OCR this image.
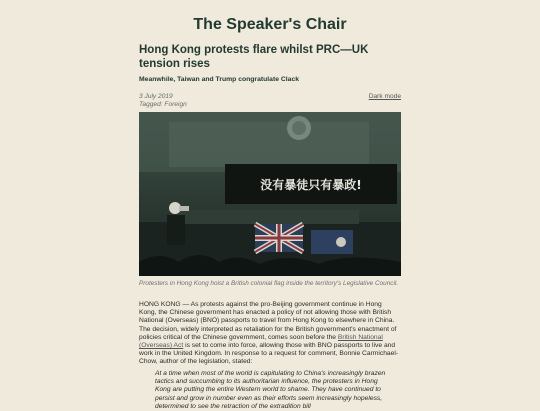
The Speaker's Chair
Hong Kong protests flare whilst PRC—UK tension rises
Meanwhile, Taiwan and Trump congratulate Clack
3 July 2019
Tagged: Foreign
Dark mode
没有暴徒只有暴政!
Protesters in Hong Kong hoist a British colonial flag inside the territory's Legislative Council.
HONG KONG — As protests against the pro-Beijing government continue in Hong Kong, the Chinese government has enacted a policy of not allowing those with British National (Overseas) (BNO) passports to travel from Hong Kong to elsewhere in China. The decision, widely interpreted as retaliation for the British government's enactment of policies critical of the Chinese government, comes soon before the British National (Overseas) Act is set to come into force, allowing those with BNO passports to live and work in the United Kingdom. In response to a request for comment, Bonnie Carmichael-Chow, author of the legislation, stated:
At a time when most of the world is capitulating to China's increasingly brazen tactics and succumbing to its authoritarian influence, the protesters in Hong Kong are putting the entire Western world to shame. They have continued to persist and grow in number even as their efforts seem increasingly hopeless, determined to see the retraction of the extradition bill
